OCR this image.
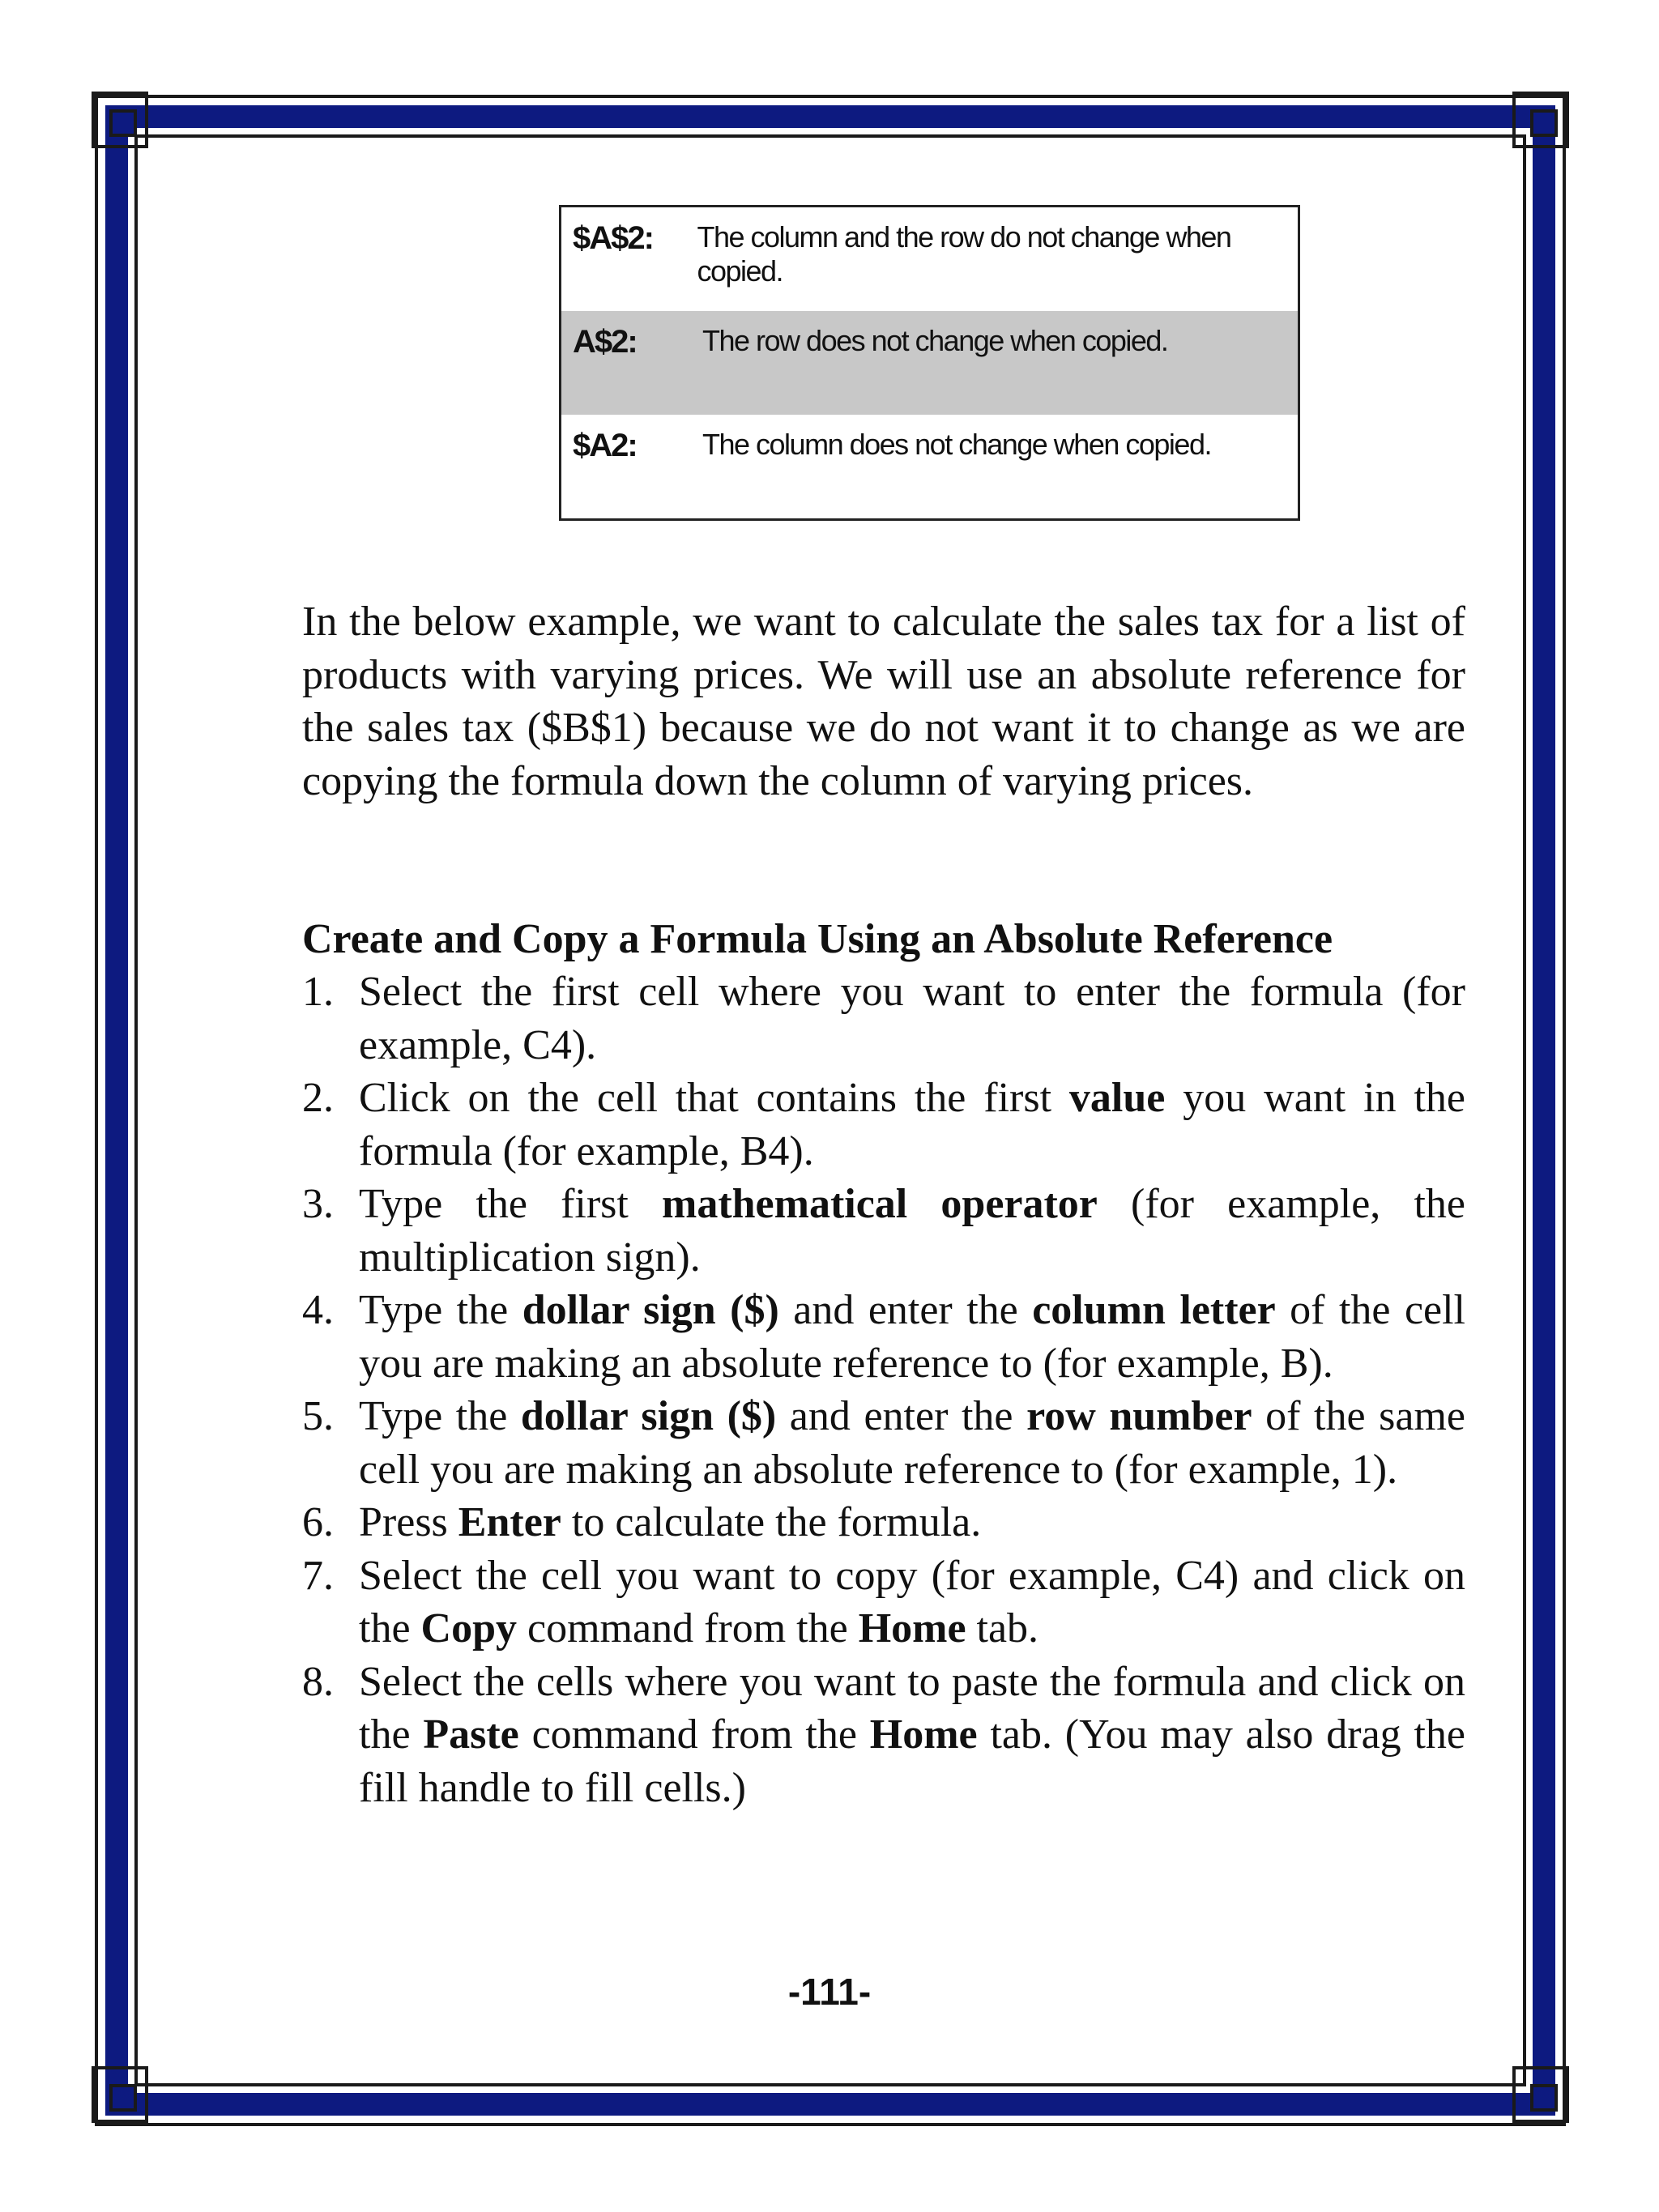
$A$2:	The column and the row do not change when copied.
A$2:	The row does not change when copied.
$A2:	The column does not change when copied.

In the below example, we want to calculate the sales tax for a list of products with varying prices. We will use an absolute reference for the sales tax ($B$1) because we do not want it to change as we are copying the formula down the column of varying prices.

Create and Copy a Formula Using an Absolute Reference
1. Select the first cell where you want to enter the formula (for example, C4).
2. Click on the cell that contains the first value you want in the formula (for example, B4).
3. Type the first mathematical operator (for example, the multiplication sign).
4. Type the dollar sign ($) and enter the column letter of the cell you are making an absolute reference to (for example, B).
5. Type the dollar sign ($) and enter the row number of the same cell you are making an absolute reference to (for example, 1).
6. Press Enter to calculate the formula.
7. Select the cell you want to copy (for example, C4) and click on the Copy command from the Home tab.
8. Select the cells where you want to paste the formula and click on the Paste command from the Home tab. (You may also drag the fill handle to fill cells.)
-111-
